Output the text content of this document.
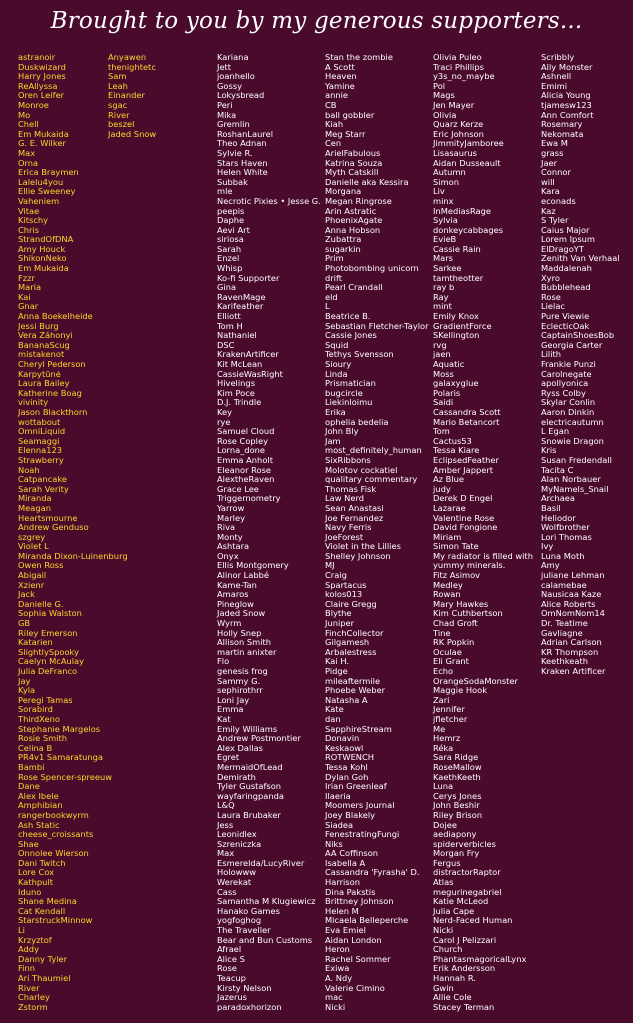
Brought to you by my generous supporters...
astranoir
Duskwizard
Harry Jones
ReAllyssa
Oren Leifer
Monroe
Mo
Chell
Em Mukaida
G. E. Wilker
Max
Orna
Erica Braymen
Lalelu4you
Ellie Sweeney
Vaheniem
Vitae
Kitschy
Chris
StrandOfDNA
Amy Houck
ShikonNeko
Em Mukaida
Fzzr
Maria
Kai
Gnar
Anna Boekelheide
Jessi Burg
Vera Záhonyi
BananaScug
mistakenot
Cheryl Pederson
Karpytūnė
Laura Bailey
Katherine Boag
vivinity
Jason Blackthorn
wottabout
OmniLiquid
Seamaggi
Elenna123
Strawberry
Noah
Catpancake
Sarah Verity
Miranda
Meagan
Heartsmourne
Andrew Genduso
szgrey
Violet L
Miranda Dixon-Luinenburg
Owen Ross
Abigail
Xzienr
Jack
Danielle G.
Sophia Walston
GB
Riley Emerson
Katarien
SlightlySpooky
Caelyn McAulay
Julia DeFranco
Jay
Kyla
Peregi Tamas
Sorabird
ThirdXeno
Stephanie Margelos
Rosie Smith
Celina B
PR4v1 Samaratunga
Bambi
Rose Spencer-spreeuw
Dane
Alex Ibele
Amphibian
rangerbookwyrm
Ash Static
cheese_croissants
Shae
Onnolee Wierson
Dani Twitch
Lore Cox
Kathpult
Iduno
Shane Medina
Cat Kendall
StarstruckMinnow
Li
Krzyztof
Addy
Danny Tyler
Finn
Ari Thaumiel
River
Charley
Zstorm
Anyawen
thenightetc
Sam
Leah
Einander
sgac
River
beszel
Jaded Snow
Kariana
Jett
joanhello
Gossy
Lokysbread
Peri
Mika
Gremlin
RoshanLaurel
Theo Adnan
Sylvie R.
Stars Haven
Helen White
Subbak
mle
Necrotic Pixies • Jesse G.
peepis
Daphe
Aevi Art
siriosa
Sarah
Enzel
Whisp
Ko-fi Supporter
Gina
RavenMage
Karifeather
Elliott
Tom H
Nathaniel
DSC
KrakenArtificer
Kit McLean
CassieWasRight
Hivelings
Kim Poce
D.J. Trindle
Key
rye
Samuel Cloud
Rose Copley
Lorna_done
Emma Anholt
Eleanor Rose
AlextheRaven
Grace Lee
Triggernometry
Yarrow
Marley
Riva
Monty
Ashtara
Onyx
Ellis Montgomery
Alinor Labbé
Kame-Tan
Amaros
Pineglow
Jaded Snow
Wyrm
Holly Snep
Allison Smith
martin anixter
Flo
genesis frog
Sammy G.
sephirothrr
Loni Jay
Emma
Kat
Emily Williams
Andrew Postmontier
Alex Dallas
Egret
MermaidOfLead
Demirath
Tyler Gustafson
wayfaringpanda
L&Q
Laura Brubaker
Jess
Leonidlex
Szreniczka
Max
Esmerelda/LucyRiver
Holowww
Werekat
Cass
Samantha M Klugiewicz
Hanako Games
yogfoghog
The Traveller
Bear and Bun Customs
Afrael
Alice S
Rose
Teacup
Kirsty Nelson
Jazerus
paradoxhorizon
Stan the zombie
A Scott
Heaven
Yamine
annie
CB
ball gobbler
Kiah
Meg Starr
Cen
ArielFabulous
Katrina Souza
Myth Catskill
Danielle aka Kessira
Morgana
Megan Ringrose
Arin Astratic
PhoenixAgate
Anna Hobson
Zubattra
sugarkin
Prim
Photobombing unicorn
drift
Pearl Crandall
eld
L
Beatrice B.
Sebastian Fletcher-Taylor
Cassie Jones
Squid
Tethys Svensson
Sioury
Linda
Prismatician
bugcircle
Liekinloimu
Erika
ophelia bedelia
John Bly
Jam
most_definitely_human
SixRibbons
Molotov cockatiel
qualitary commentary
Thomas Fisk
Law Nerd
Sean Anastasi
Joe Fernandez
Navy Ferris
JoeForest
Violet in the Lillies
Shelley Johnson
MJ
Craig
Spartacus
kolos013
Claire Gregg
Blythe
Juniper
FinchCollector
Gilgamesh
Arbalestress
Kai H.
Pidge
mileaftermile
Phoebe Weber
Natasha A
Kate
dan
SapphireStream
Donavin
Keskaowl
ROTWENCH
Tessa Kohl
Dylan Goh
Irian Greenleaf
Ilaeria
Moomers Journal
Joey Blakely
Siadea
FenestratingFungi
Niks
AA Coffinson
Isabella A
Cassandra 'Fyrasha' D.
Harrison
Dina Pakstis
Brittney Johnson
Helen M
Micaela Belleperche
Eva Emiel
Aidan London
Heron
Rachel Sommer
Exiwa
A. Ndy
Valerie Cimino
mac
Nicki
Olivia Puleo
Traci Phillips
y3s_no_maybe
Pol
Mags
Jen Mayer
Olivia
Quarz Kerze
Eric Johnson
JimmityJamboree
Lisasaurus
Aidan Dusseault
Autumn
Simon
Liv
minx
InMediasRage
Sylvia
donkeycabbages
EvieB
Cassie Rain
Mars
Sarkee
tamtheotter
ray b
Ray
mint
Emily Knox
GradientForce
SKellington
rvg
jaen
Aquatic
Moss
galaxyglue
Polaris
Saidi
Cassandra Scott
Mario Betancort
Tom
Cactus53
Tessa Kiare
EclipsedFeather
Amber Jappert
Az Blue
judy
Derek D Engel
Lazarae
Valentine Rose
David Fongione
Miriam
Simon Tate
My radiator is filled with
yummy minerals.
Fitz Asimov
Medley
Rowan
Mary Hawkes
Kim Cuthbertson
Chad Groft
Tine
RK Popkin
Oculae
Eli Grant
Echo
OrangeSodaMonster
Maggie Hook
Zari
Jennifer
jfletcher
Me
Hemrz
Réka
Sara Ridge
RoseMallow
KaethKeeth
Luna
Cerys Jones
John Beshir
Riley Brison
Dojee
aediapony
spiderverbicles
Morgan Fry
Fergus
distractorRaptor
Atlas
megurinegabriel
Katie McLeod
Julia Cape
Nerd-Faced Human
Nicki
Carol J Pelizzari
Church
PhantasmagoricalLynx
Erik Andersson
Hannah R.
Gwin
Allie Cole
Stacey Terman
Scribbly
Ally Monster
Ashnell
Emimi
Alicia Young
tjamesw123
Ann Comfort
Rosemary
Nekomata
Ewa M
grass
Jaer
Connor
will
Kara
econads
Kaz
S Tyler
Caius Major
Lorem Ipsum
ElDragoYT
Zenith Van Verhaal
Maddalenah
Xyro
Bubblehead
Rose
Lielac
Pure Viewie
EclecticOak
CaptainShoesBob
Georgia Carter
Lilith
Frankie Punzi
Carolnegate
apollyonica
Ryss Colby
Skylar Conlin
Aaron Dinkin
electricautumn
L Egan
Snowie Dragon
Kris
Susan Fredendall
Tacita C
Alan Norbauer
MyNamels_Snail
Archaea
Basil
Heliodor
Wolfbrother
Lori Thomas
Ivy
Luna Moth
Amy
juliane Lehman
calamebae
Nausicaa Kaze
Alice Roberts
OmNomNom14
Dr. Teatime
Gavliagne
Adrian Carlson
KR Thompson
Keethkeath
Kraken Artificer
